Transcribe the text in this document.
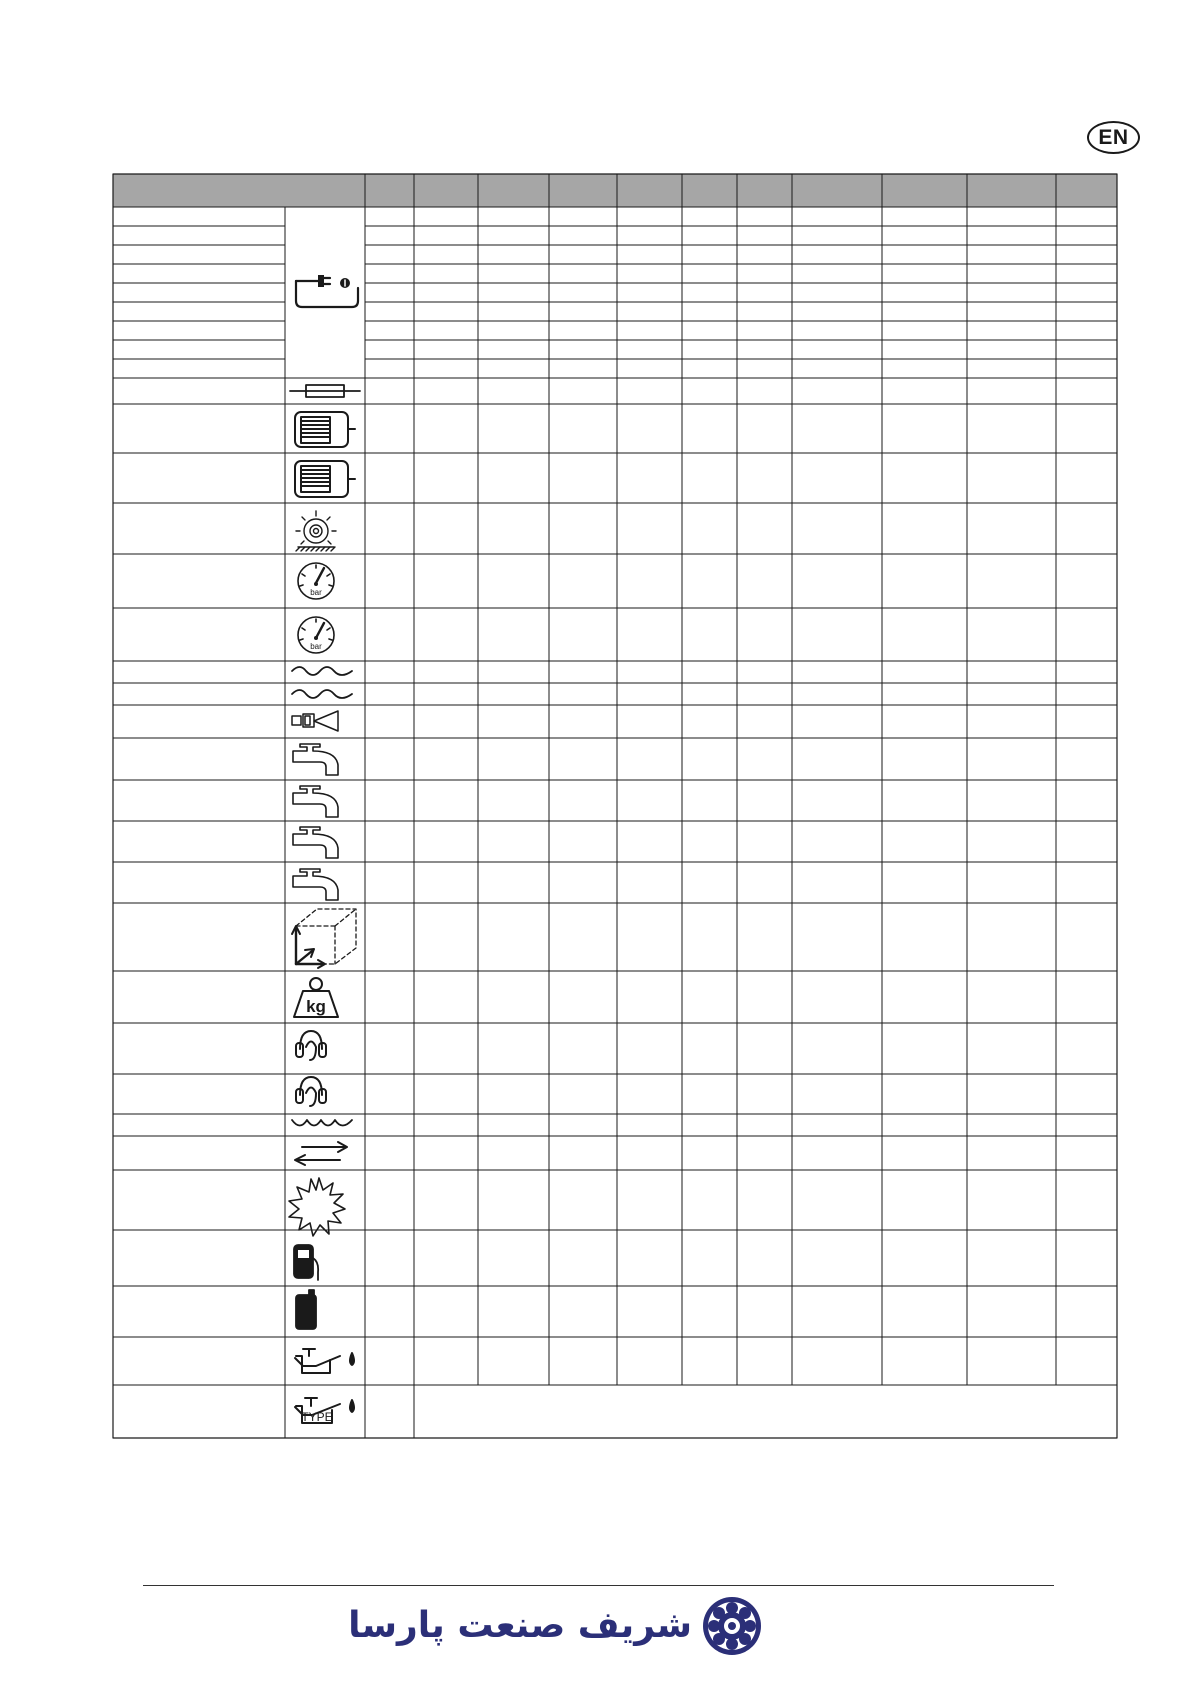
EN
bar
bar
kg
TYPE
شریف صنعت پارسا
